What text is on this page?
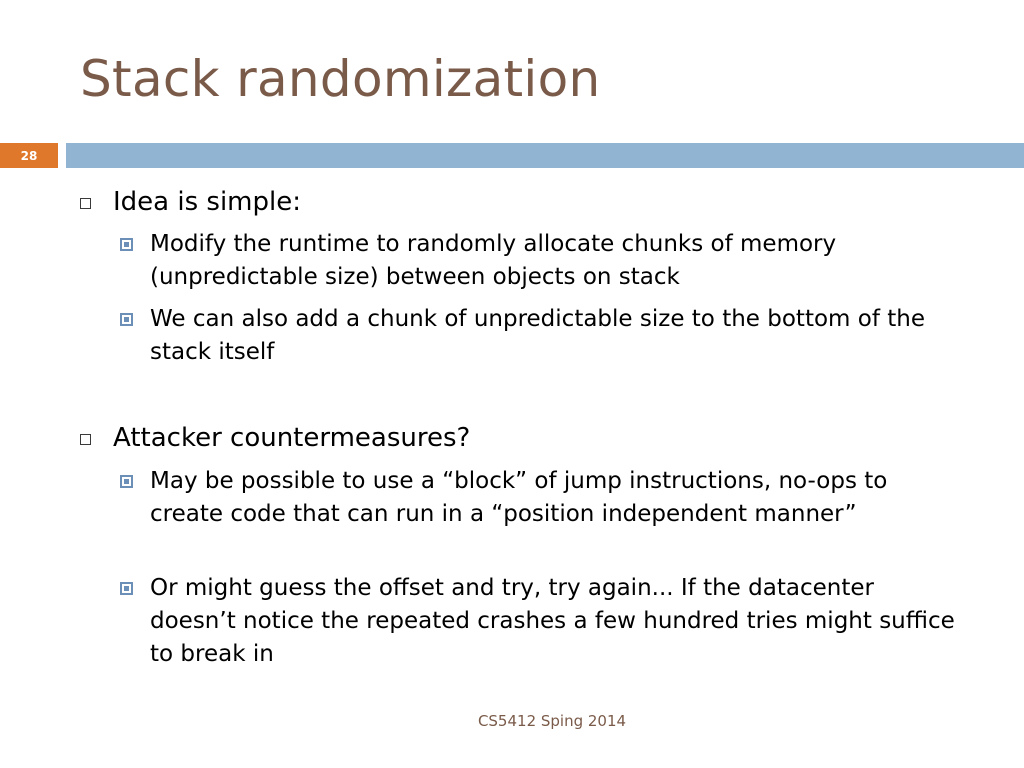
Stack randomization
28
Idea is simple:
Modify the runtime to randomly allocate chunks of memory (unpredictable size) between objects on stack
We can also add a chunk of unpredictable size to the bottom of the stack itself
Attacker countermeasures?
May be possible to use a “block” of jump instructions, no-ops to create code that can run in a “position independent manner”
Or might guess the offset and try, try again... If the datacenter doesn’t notice the repeated crashes a few hundred tries might suffice to break in
CS5412 Sping 2014
